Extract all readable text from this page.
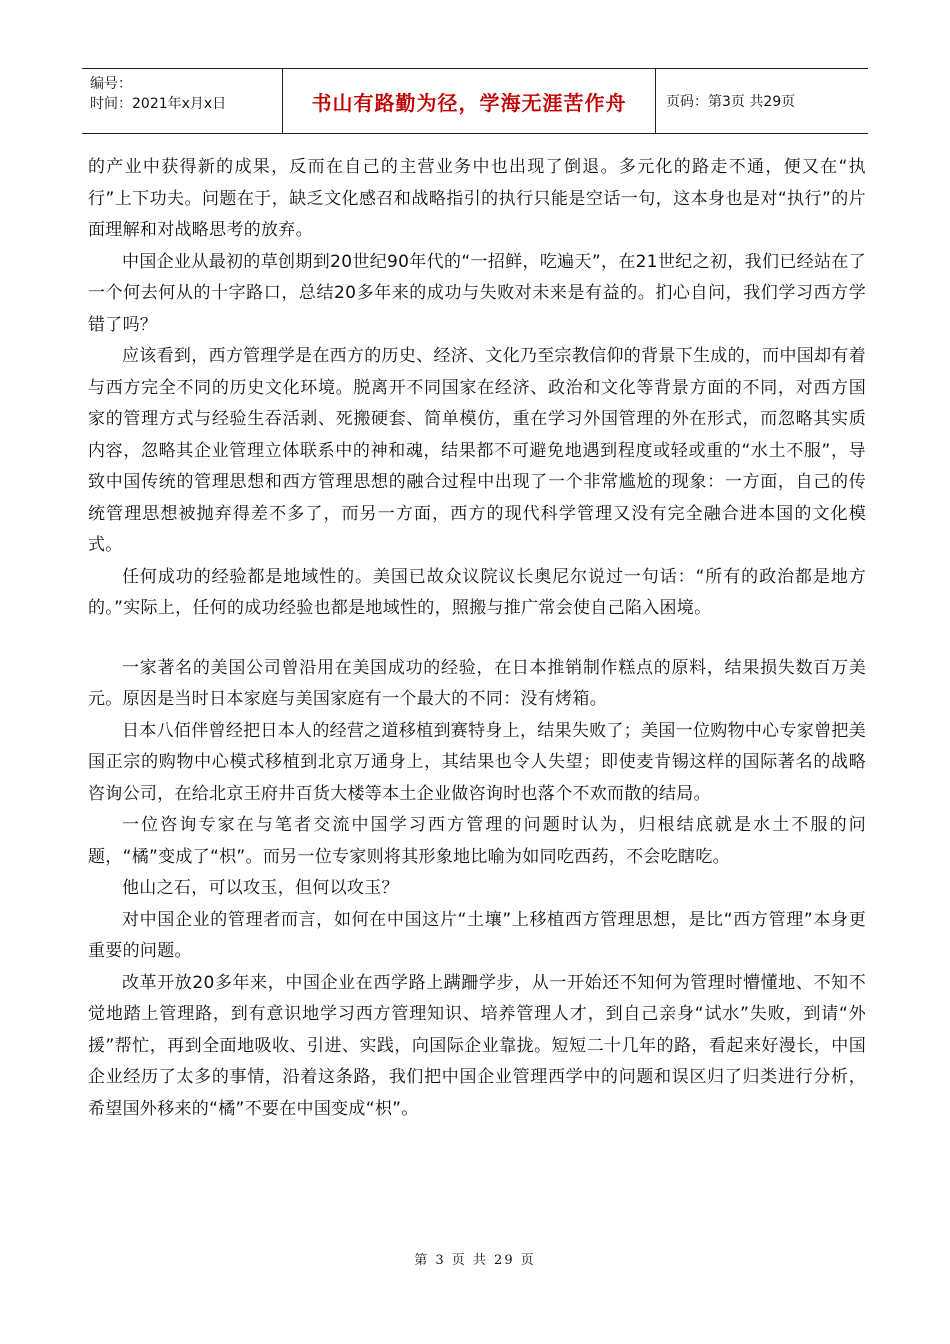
编号：
时间：2021年x月x日	书山有路勤为径，学海无涯苦作舟	页码：第3页 共29页

的产业中获得新的成果，反而在自己的主营业务中也出现了倒退。多元化的路走不通，便又在“执行”上下功夫。问题在于，缺乏文化感召和战略指引的执行只能是空话一句，这本身也是对“执行”的片面理解和对战略思考的放弃。

中国企业从最初的草创期到20世纪90年代的“一招鲜，吃遍天”，在21世纪之初，我们已经站在了一个何去何从的十字路口，总结20多年来的成功与失败对未来是有益的。扪心自问，我们学习西方学错了吗？

应该看到，西方管理学是在西方的历史、经济、文化乃至宗教信仰的背景下生成的，而中国却有着与西方完全不同的历史文化环境。脱离开不同国家在经济、政治和文化等背景方面的不同，对西方国家的管理方式与经验生吞活剥、死搬硬套、简单模仿，重在学习外国管理的外在形式，而忽略其实质内容，忽略其企业管理立体联系中的神和魂，结果都不可避免地遇到程度或轻或重的“水土不服”，导致中国传统的管理思想和西方管理思想的融合过程中出现了一个非常尴尬的现象：一方面，自己的传统管理思想被抛弃得差不多了，而另一方面，西方的现代科学管理又没有完全融合进本国的文化模式。

任何成功的经验都是地域性的。美国已故众议院议长奥尼尔说过一句话：“所有的政治都是地方的。”实际上，任何的成功经验也都是地域性的，照搬与推广常会使自己陷入困境。

一家著名的美国公司曾沿用在美国成功的经验，在日本推销制作糕点的原料，结果损失数百万美元。原因是当时日本家庭与美国家庭有一个最大的不同：没有烤箱。

日本八佰伴曾经把日本人的经营之道移植到赛特身上，结果失败了；美国一位购物中心专家曾把美国正宗的购物中心模式移植到北京万通身上，其结果也令人失望；即使麦肯锡这样的国际著名的战略咨询公司，在给北京王府井百货大楼等本土企业做咨询时也落个不欢而散的结局。

一位咨询专家在与笔者交流中国学习西方管理的问题时认为，归根结底就是水土不服的问题，“橘”变成了“枳”。而另一位专家则将其形象地比喻为如同吃西药，不会吃瞎吃。

他山之石，可以攻玉，但何以攻玉？

对中国企业的管理者而言，如何在中国这片“土壤”上移植西方管理思想，是比“西方管理”本身更重要的问题。

改革开放20多年来，中国企业在西学路上蹒跚学步，从一开始还不知何为管理时懵懂地、不知不觉地踏上管理路，到有意识地学习西方管理知识、培养管理人才，到自己亲身“试水”失败，到请“外援”帮忙，再到全面地吸收、引进、实践，向国际企业靠拢。短短二十几年的路，看起来好漫长，中国企业经历了太多的事情，沿着这条路，我们把中国企业管理西学中的问题和误区归了归类进行分析，希望国外移来的“橘”不要在中国变成“枳”。

第 3 页 共 29 页
